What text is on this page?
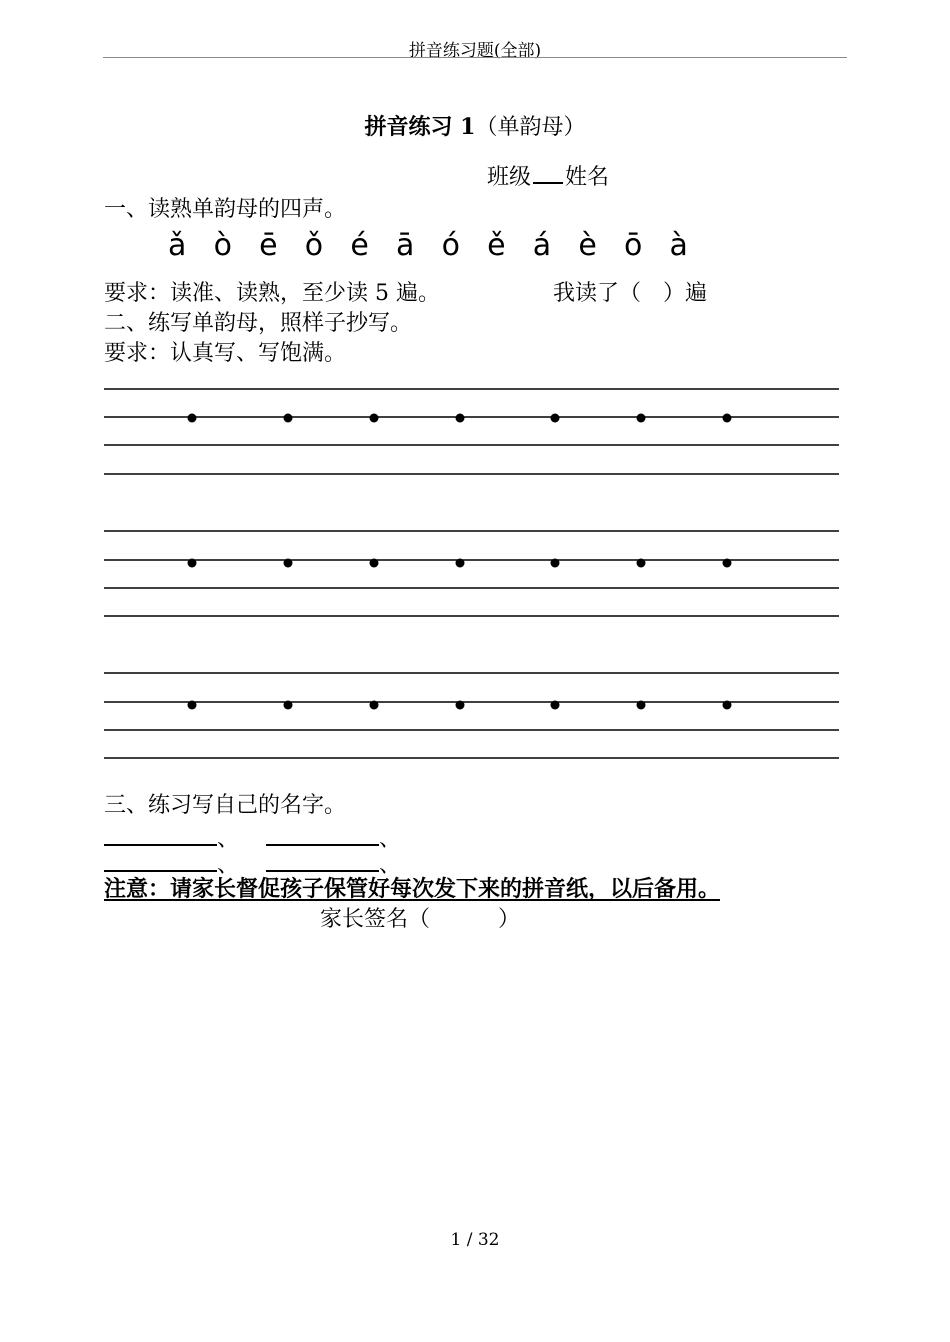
拼音练习题(全部)
拼音练习 1（单韵母）
班级 姓名
一、读熟单韵母的四声。
ǎ ò ē ǒ é ā ó ě á è ō à
要求：读准、读熟，至少读 5 遍。	我读了（　）遍
二、练写单韵母，照样子抄写。
要求：认真写、写饱满。
三、练习写自己的名字。
、	、
、	、
注意：请家长督促孩子保管好每次发下来的拼音纸，以后备用。
家长签名（	）
1 / 32
